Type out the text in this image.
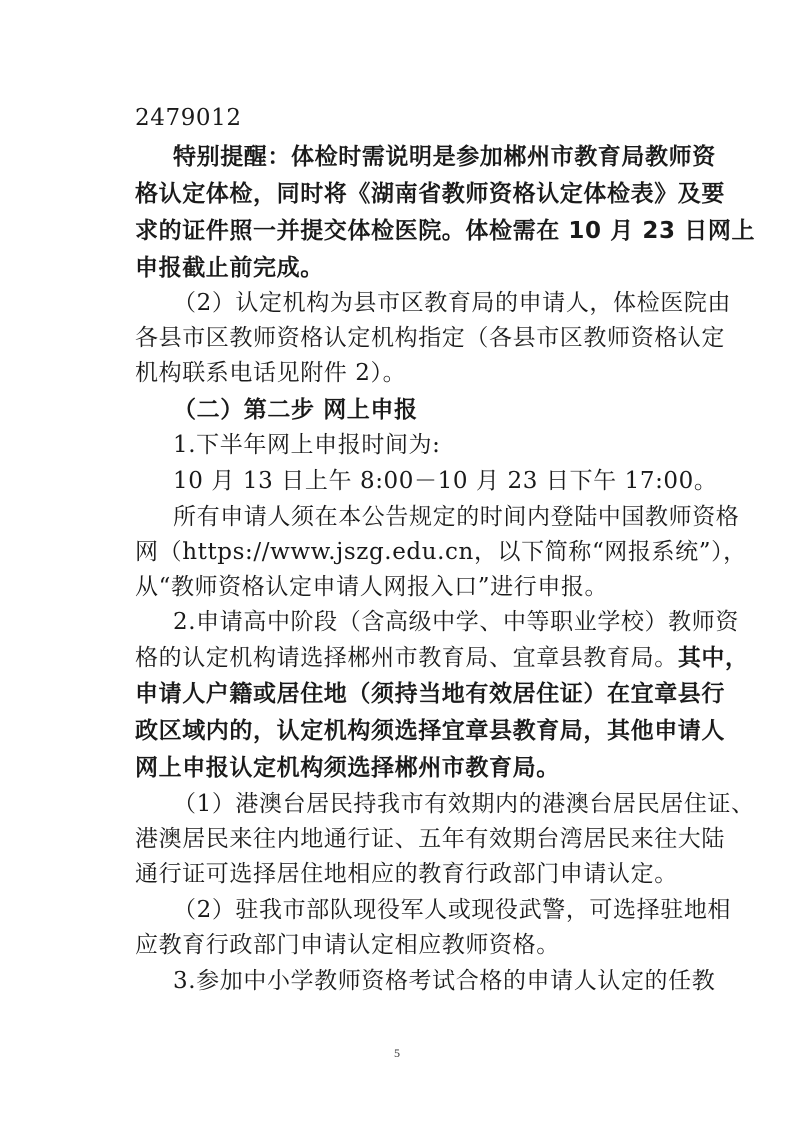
2479012
特别提醒：体检时需说明是参加郴州市教育局教师资
格认定体检，同时将《湖南省教师资格认定体检表》及要
求的证件照一并提交体检医院。体检需在 10 月 23 日网上
申报截止前完成。
（2）认定机构为县市区教育局的申请人，体检医院由
各县市区教师资格认定机构指定（各县市区教师资格认定
机构联系电话见附件 2）。
（二）第二步 网上申报
1.下半年网上申报时间为:
10 月 13 日上午 8:00－10 月 23 日下午 17:00。
所有申请人须在本公告规定的时间内登陆中国教师资格
网（https://www.jszg.edu.cn，以下简称“网报系统”），
从“教师资格认定申请人网报入口”进行申报。
2.申请高中阶段（含高级中学、中等职业学校）教师资
格的认定机构请选择郴州市教育局、宜章县教育局。其中，
申请人户籍或居住地（须持当地有效居住证）在宜章县行
政区域内的，认定机构须选择宜章县教育局，其他申请人
网上申报认定机构须选择郴州市教育局。
（1）港澳台居民持我市有效期内的港澳台居民居住证、
港澳居民来往内地通行证、五年有效期台湾居民来往大陆
通行证可选择居住地相应的教育行政部门申请认定。
（2）驻我市部队现役军人或现役武警，可选择驻地相
应教育行政部门申请认定相应教师资格。
3.参加中小学教师资格考试合格的申请人认定的任教
5
